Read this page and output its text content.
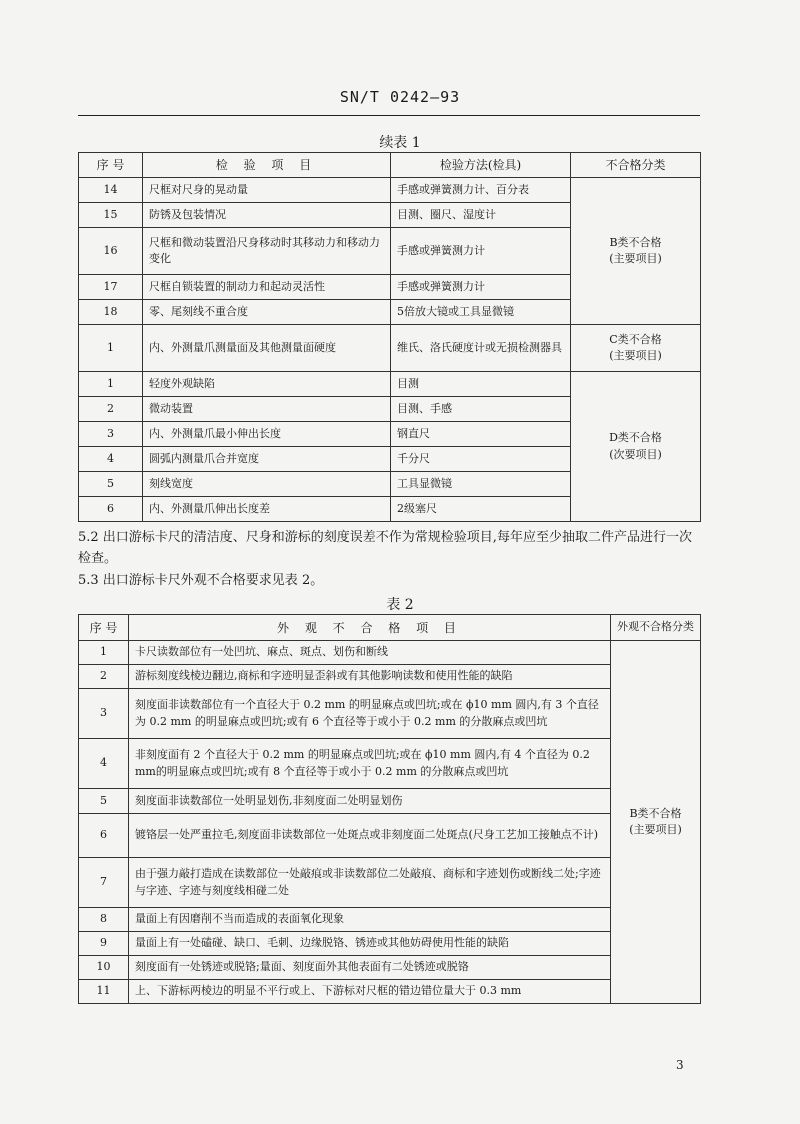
SN/T 0242—93
续表 1
序 号	检 验 项 目	检验方法(检具)	不合格分类
14	尺框对尺身的晃动量	手感或弹簧测力计、百分表	B类不合格
(主要项目)

15	防锈及包装情况	目测、圈尺、湿度计	
16	尺框和微动装置沿尺身移动时其移动力和移动力变化	手感或弹簧测力计	
17	尺框自锁装置的制动力和起动灵活性	手感或弹簧测力计	
18	零、尾刻线不重合度	5倍放大镜或工具显微镜	
1	内、外测量爪测量面及其他测量面硬度	维氏、洛氏硬度计或无损检测器具	C类不合格
(主要项目)

1	轻度外观缺陷	目测	D类不合格
(次要项目)

2	微动装置	目测、手感	
3	内、外测量爪最小伸出长度	钢直尺	
4	圆弧内测量爪合并宽度	千分尺	
5	刻线宽度	工具显微镜	
6	内、外测量爪伸出长度差	2级塞尺	
5.2 出口游标卡尺的清洁度、尺身和游标的刻度误差不作为常规检验项目,每年应至少抽取二件产品进行一次检查。
5.3 出口游标卡尺外观不合格要求见表 2。
表 2
序 号	外 观 不 合 格 项 目	外观不合格分类
1	卡尺读数部位有一处凹坑、麻点、斑点、划伤和断线	B类不合格
(主要项目)

2	游标刻度线棱边翻边,商标和字迹明显歪斜或有其他影响读数和使用性能的缺陷	
3	刻度面非读数部位有一个直径大于 0.2 mm 的明显麻点或凹坑;或在 ϕ10 mm 圆内,有 3 个直径为 0.2 mm 的明显麻点或凹坑;或有 6 个直径等于或小于 0.2 mm 的分散麻点或凹坑	
4	非刻度面有 2 个直径大于 0.2 mm 的明显麻点或凹坑;或在 ϕ10 mm 圆内,有 4 个直径为 0.2 mm的明显麻点或凹坑;或有 8 个直径等于或小于 0.2 mm 的分散麻点或凹坑	
5	刻度面非读数部位一处明显划伤,非刻度面二处明显划伤	
6	镀铬层一处严重拉毛,刻度面非读数部位一处斑点或非刻度面二处斑点(尺身工艺加工接触点不计)	
7	由于强力敲打造成在读数部位一处敲痕或非读数部位二处敲痕、商标和字迹划伤或断线二处;字迹与字迹、字迹与刻度线相碰二处	
8	量面上有因磨削不当而造成的表面氧化现象	
9	量面上有一处磕碰、缺口、毛刺、边缘脱铬、锈迹或其他妨碍使用性能的缺陷	
10	刻度面有一处锈迹或脱铬;量面、刻度面外其他表面有二处锈迹或脱铬	
11	上、下游标两棱边的明显不平行或上、下游标对尺框的错边错位量大于 0.3 mm	
3
